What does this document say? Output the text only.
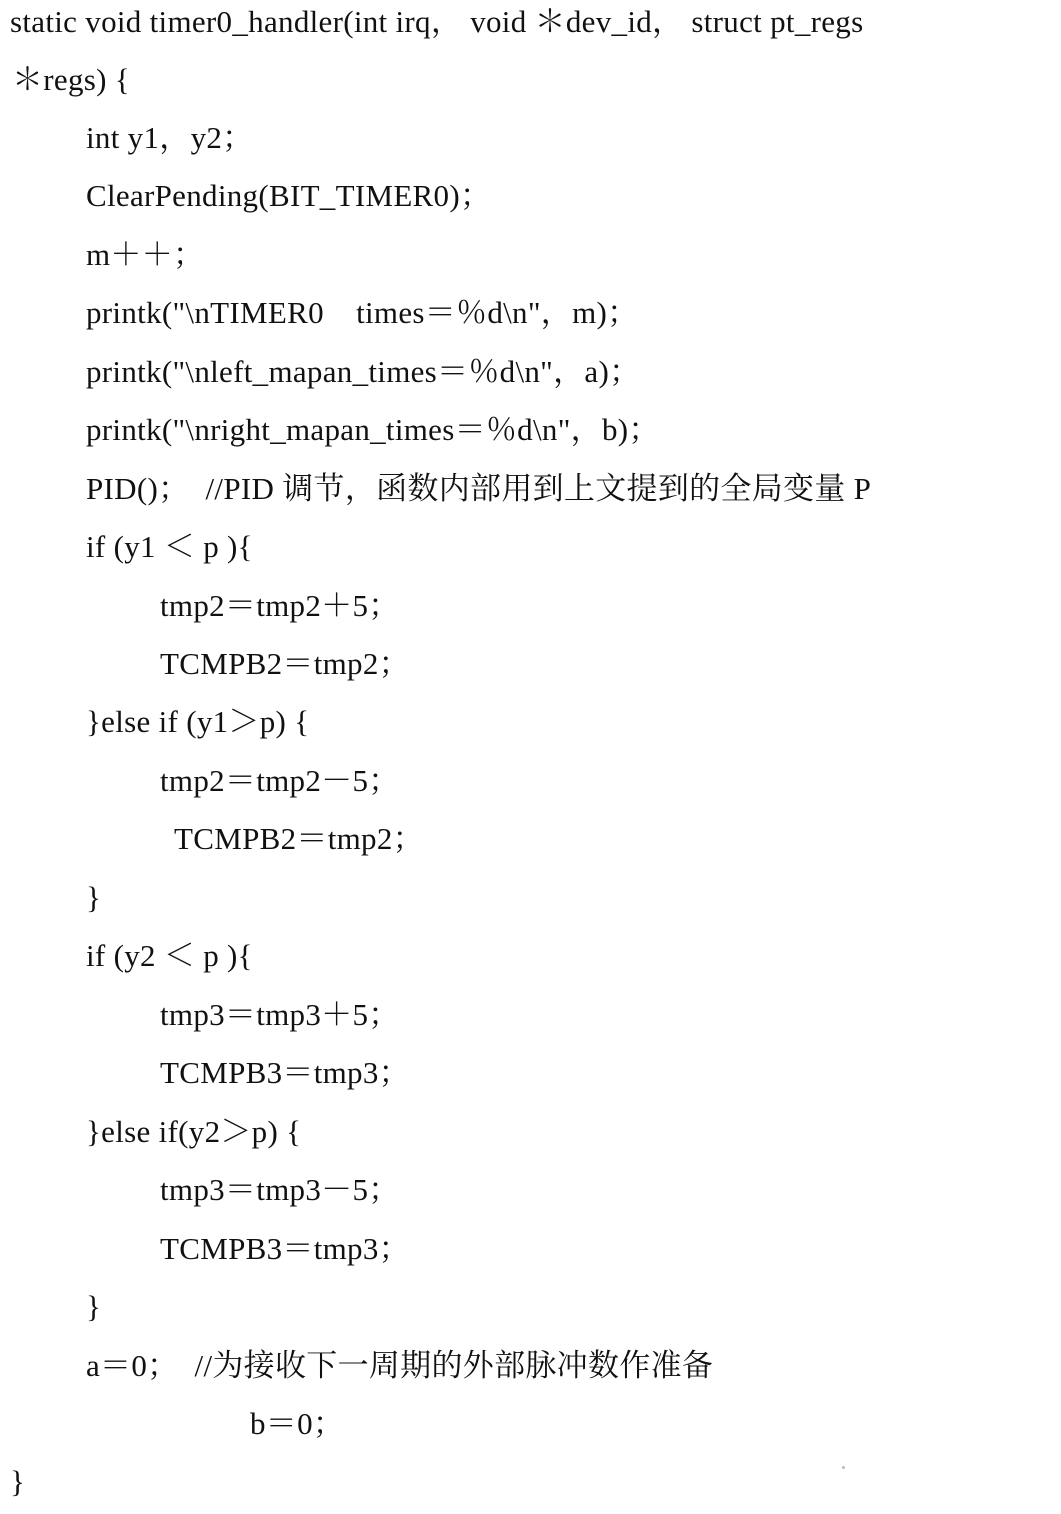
static void timer0_handler(int irq， void ＊dev_id， struct pt_regs
＊regs) {
int y1，y2；
ClearPending(BIT_TIMER0)；
m＋＋；
printk("\nTIMER0    times＝％d\n"，m)；
printk("\nleft_mapan_times＝％d\n"，a)；
printk("\nright_mapan_times＝％d\n"，b)；
PID()；  //PID 调节，函数内部用到上文提到的全局变量 P
if (y1 ＜ p ){
tmp2＝tmp2＋5；
TCMPB2＝tmp2；
}else if (y1＞p) {
tmp2＝tmp2－5；
TCMPB2＝tmp2；
}
if (y2 ＜ p ){
tmp3＝tmp3＋5；
TCMPB3＝tmp3；
}else if(y2＞p) {
tmp3＝tmp3－5；
TCMPB3＝tmp3；
}
a＝0；  //为接收下一周期的外部脉冲数作准备
b＝0；
}
